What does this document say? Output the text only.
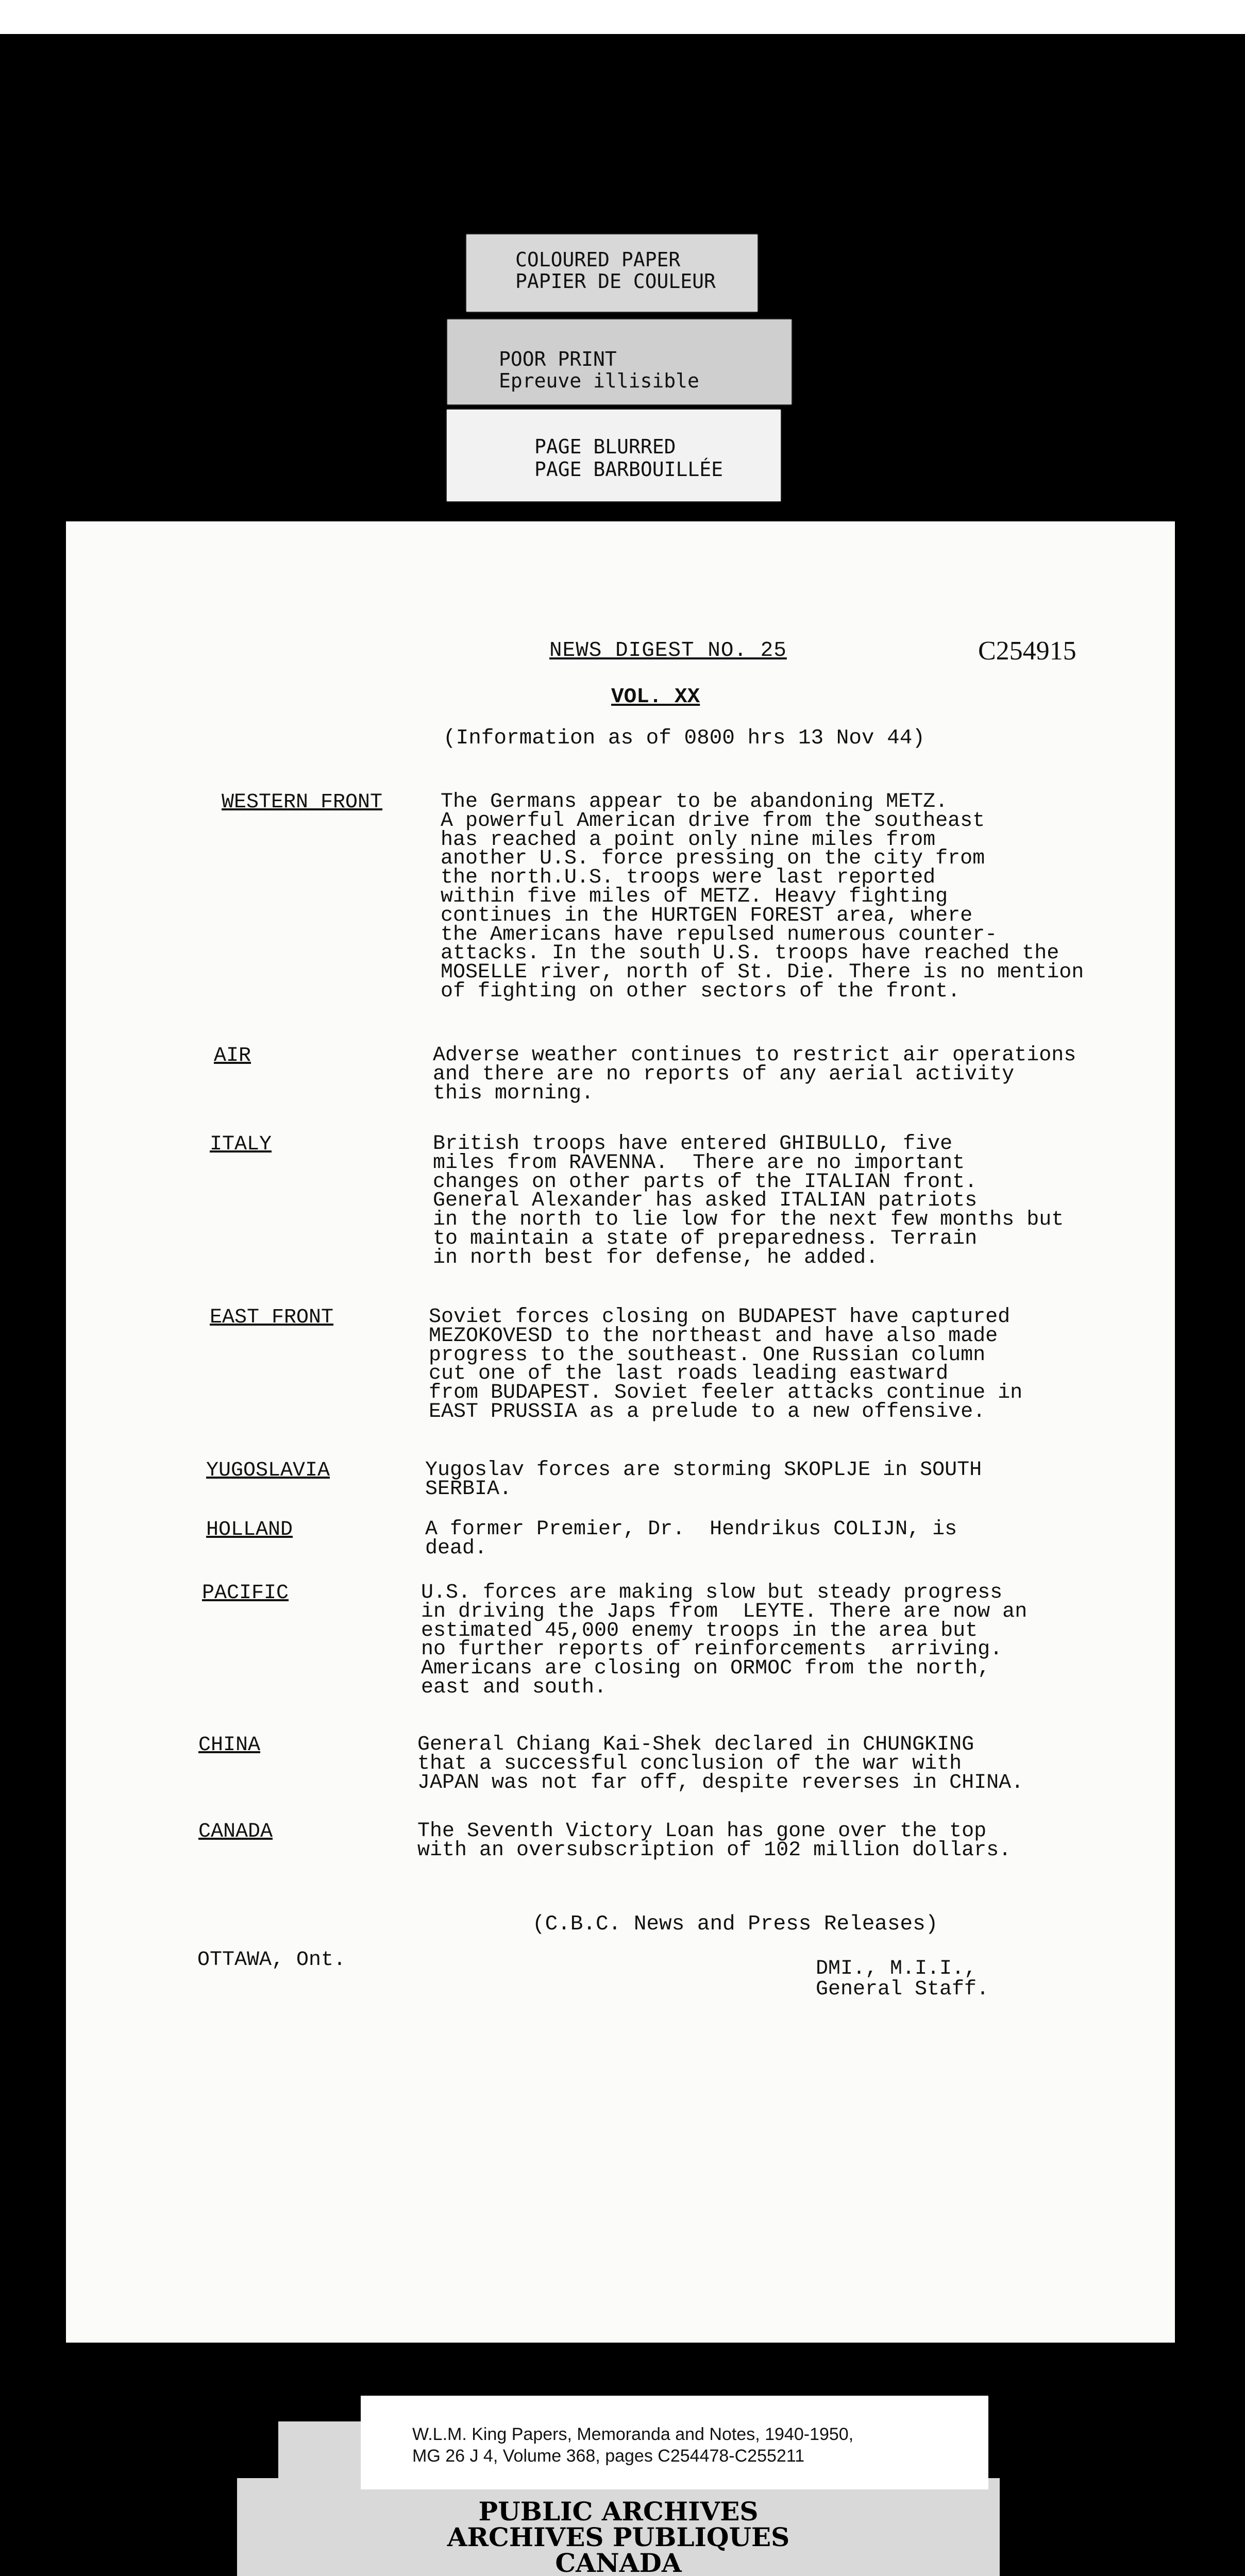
COLOURED PAPER
PAPIER DE COULEUR
POOR PRINT
Epreuve illisible
PAGE BLURRED
PAGE BARBOUILLÉE
NEWS DIGEST NO. 25	C254915
VOL. XX
(Information as of 0800 hrs 13 Nov 44)
WESTERN FRONT	The Germans appear to be abandoning METZ.
A powerful American drive from the southeast
has reached a point only nine miles from
another U.S. force pressing on the city from
the north.U.S. troops were last reported
within five miles of METZ. Heavy fighting
continues in the HURTGEN FOREST area, where
the Americans have repulsed numerous counter-
attacks. In the south U.S. troops have reached the
MOSELLE river, north of St. Die. There is no mention
of fighting on other sectors of the front.
AIR	Adverse weather continues to restrict air operations
and there are no reports of any aerial activity
this morning.
ITALY	British troops have entered GHIBULLO, five
miles from RAVENNA.  There are no important
changes on other parts of the ITALIAN front.
General Alexander has asked ITALIAN patriots
in the north to lie low for the next few months but
to maintain a state of preparedness. Terrain
in north best for defense, he added.
EAST FRONT	Soviet forces closing on BUDAPEST have captured
MEZOKOVESD to the northeast and have also made
progress to the southeast. One Russian column
cut one of the last roads leading eastward
from BUDAPEST. Soviet feeler attacks continue in
EAST PRUSSIA as a prelude to a new offensive.
YUGOSLAVIA	Yugoslav forces are storming SKOPLJE in SOUTH
SERBIA.
HOLLAND	A former Premier, Dr.  Hendrikus COLIJN, is
dead.
PACIFIC	U.S. forces are making slow but steady progress
in driving the Japs from  LEYTE. There are now an
estimated 45,000 enemy troops in the area but
no further reports of reinforcements  arriving.
Americans are closing on ORMOC from the north,
east and south.
CHINA	General Chiang Kai-Shek declared in CHUNGKING
that a successful conclusion of the war with
JAPAN was not far off, despite reverses in CHINA.
CANADA	The Seventh Victory Loan has gone over the top
with an oversubscription of 102 million dollars.
(C.B.C. News and Press Releases)
OTTAWA, Ont.	DMI., M.I.I.,
General Staff.
W.L.M. King Papers, Memoranda and Notes, 1940-1950,
MG 26 J 4, Volume 368, pages C254478-C255211
PUBLIC ARCHIVES
ARCHIVES PUBLIQUES
CANADA
